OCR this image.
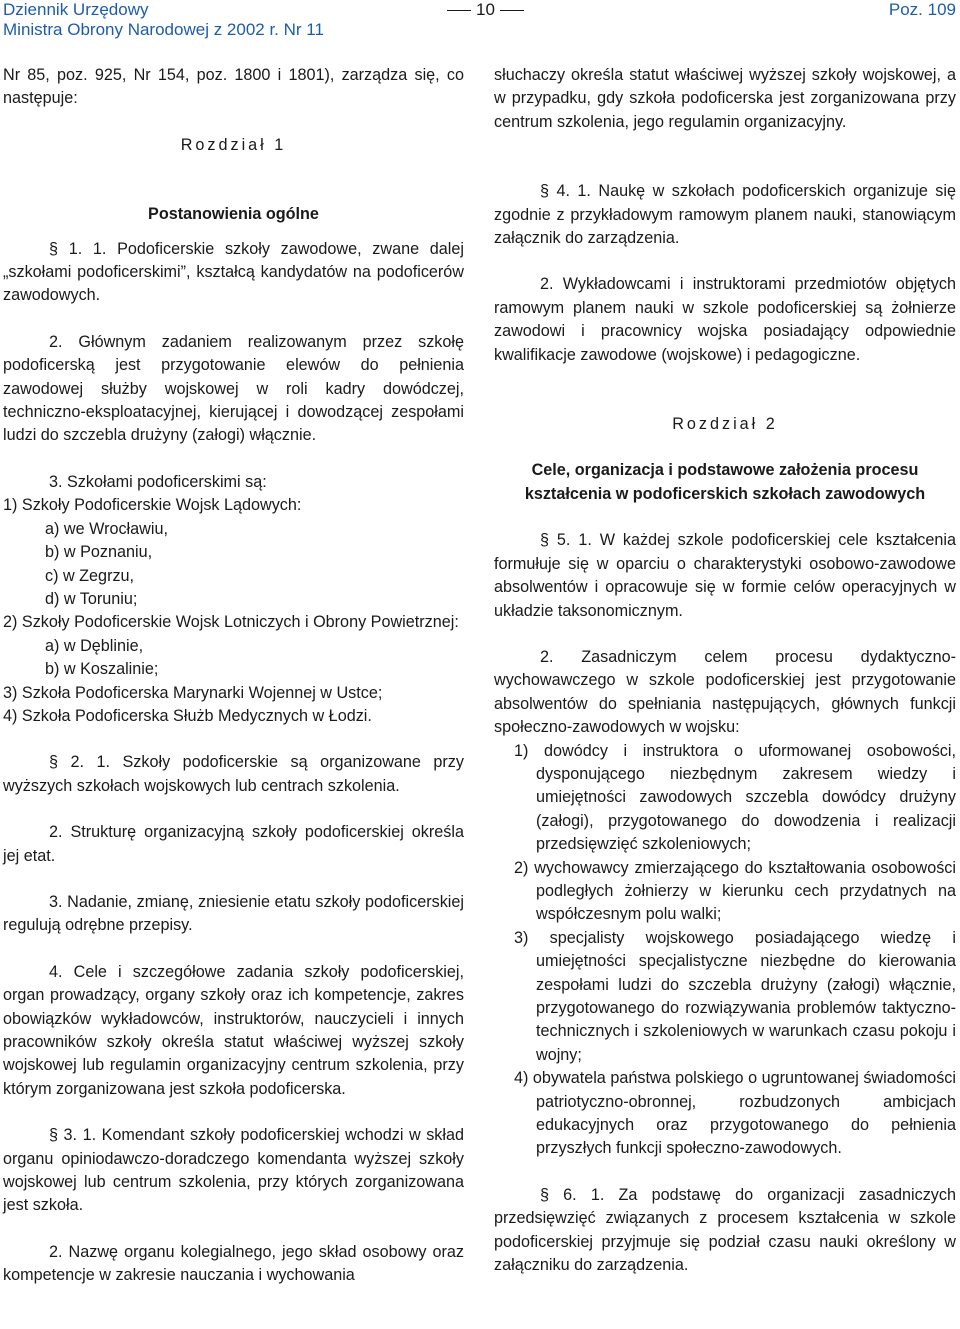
Dziennik Urzędowy
Ministra Obrony Narodowej z 2002 r. Nr 11
10	Poz. 109

Nr 85, poz. 925, Nr 154, poz. 1800 i 1801), zarządza się, co następuje:

Rozdział 1

Postanowienia ogólne

§ 1. 1. Podoficerskie szkoły zawodowe, zwane dalej „szkołami podoficerskimi”, kształcą kandydatów na podoficerów zawodowych.

2. Głównym zadaniem realizowanym przez szkołę podoficerską jest przygotowanie elewów do pełnienia zawodowej służby wojskowej w roli kadry dowódczej, techniczno-eksploatacyjnej, kierującej i dowodzącej zespołami ludzi do szczebla drużyny (załogi) włącznie.

3. Szkołami podoficerskimi są:

1) Szkoły Podoficerskie Wojsk Lądowych:

a) we Wrocławiu,

b) w Poznaniu,

c) w Zegrzu,

d) w Toruniu;

2) Szkoły Podoficerskie Wojsk Lotniczych i Obrony Powietrznej:

a) w Dęblinie,

b) w Koszalinie;

3) Szkoła Podoficerska Marynarki Wojennej w Ustce;

4) Szkoła Podoficerska Służb Medycznych w Łodzi.

§ 2. 1. Szkoły podoficerskie są organizowane przy wyższych szkołach wojskowych lub centrach szkolenia.

2. Strukturę organizacyjną szkoły podoficerskiej określa jej etat.

3. Nadanie, zmianę, zniesienie etatu szkoły podoficerskiej regulują odrębne przepisy.

4. Cele i szczegółowe zadania szkoły podoficerskiej, organ prowadzący, organy szkoły oraz ich kompetencje, zakres obowiązków wykładowców, instruktorów, nauczycieli i innych pracowników szkoły określa statut właściwej wyższej szkoły wojskowej lub regulamin organizacyjny centrum szkolenia, przy którym zorganizowana jest szkoła podoficerska.

§ 3. 1. Komendant szkoły podoficerskiej wchodzi w skład organu opiniodawczo-doradczego komendanta wyższej szkoły wojskowej lub centrum szkolenia, przy których zorganizowana jest szkoła.

2. Nazwę organu kolegialnego, jego skład osobowy oraz kompetencje w zakresie nauczania i wychowania

słuchaczy określa statut właściwej wyższej szkoły wojskowej, a w przypadku, gdy szkoła podoficerska jest zorganizowana przy centrum szkolenia, jego regulamin organizacyjny.

§ 4. 1. Naukę w szkołach podoficerskich organizuje się zgodnie z przykładowym ramowym planem nauki, stanowiącym załącznik do zarządzenia.

2. Wykładowcami i instruktorami przedmiotów objętych ramowym planem nauki w szkole podoficerskiej są żołnierze zawodowi i pracownicy wojska posiadający odpowiednie kwalifikacje zawodowe (wojskowe) i pedagogiczne.

Rozdział 2

Cele, organizacja i podstawowe założenia procesu

kształcenia w podoficerskich szkołach zawodowych

§ 5. 1. W każdej szkole podoficerskiej cele kształcenia formułuje się w oparciu o charakterystyki osobowo-zawodowe absolwentów i opracowuje się w formie celów operacyjnych w układzie taksonomicznym.

2. Zasadniczym celem procesu dydaktyczno-wychowawczego w szkole podoficerskiej jest przygotowanie absolwentów do spełniania następujących, głównych funkcji społeczno-zawodowych w wojsku:

1) dowódcy i instruktora o uformowanej osobowości, dysponującego niezbędnym zakresem wiedzy i umiejętności zawodowych szczebla dowódcy drużyny (załogi), przygotowanego do dowodzenia i realizacji przedsięwzięć szkoleniowych;

2) wychowawcy zmierzającego do kształtowania osobowości podległych żołnierzy w kierunku cech przydatnych na współczesnym polu walki;

3) specjalisty wojskowego posiadającego wiedzę i umiejętności specjalistyczne niezbędne do kierowania zespołami ludzi do szczebla drużyny (załogi) włącznie, przygotowanego do rozwiązywania problemów taktyczno-technicznych i szkoleniowych w warunkach czasu pokoju i wojny;

4) obywatela państwa polskiego o ugruntowanej świadomości patriotyczno-obronnej, rozbudzonych ambicjach edukacyjnych oraz przygotowanego do pełnienia przyszłych funkcji społeczno-zawodowych.

§ 6. 1. Za podstawę do organizacji zasadniczych przedsięwzięć związanych z procesem kształcenia w szkole podoficerskiej przyjmuje się podział czasu nauki określony w załączniku do zarządzenia.
